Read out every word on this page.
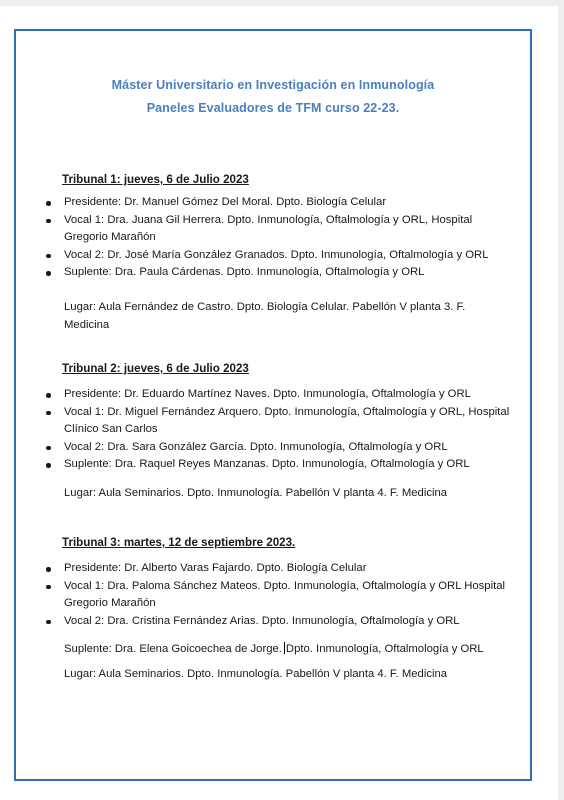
Máster Universitario en Investigación en Inmunología

Paneles Evaluadores de TFM curso 22-23.

Tribunal 1: jueves, 6 de Julio 2023
Presidente: Dr. Manuel Gómez Del Moral. Dpto. Biología Celular
Vocal 1: Dra. Juana Gil Herrera. Dpto. Inmunología, Oftalmología y ORL, Hospital Gregorio Marañón
Vocal 2: Dr. José María González Granados. Dpto. Inmunología, Oftalmología y ORL
Suplente: Dra. Paula Cárdenas. Dpto. Inmunología, Oftalmología y ORL
Lugar: Aula Fernández de Castro. Dpto. Biología Celular. Pabellón V planta 3. F. Medicina
Tribunal 2: jueves, 6 de Julio 2023
Presidente: Dr. Eduardo Martínez Naves. Dpto. Inmunología, Oftalmología y ORL
Vocal 1: Dr. Miguel Fernández Arquero. Dpto. Inmunología, Oftalmología y ORL, Hospital Clínico San Carlos
Vocal 2: Dra. Sara González García. Dpto. Inmunología, Oftalmología y ORL
Suplente: Dra. Raquel Reyes Manzanas. Dpto. Inmunología, Oftalmología y ORL
Lugar: Aula Seminarios. Dpto. Inmunología. Pabellón V planta 4. F. Medicina
Tribunal 3: martes, 12 de septiembre 2023.
Presidente: Dr. Alberto Varas Fajardo. Dpto. Biología Celular
Vocal 1: Dra. Paloma Sánchez Mateos. Dpto. Inmunología, Oftalmología y ORL Hospital Gregorio Marañón
Vocal 2: Dra. Cristina Fernández Arias. Dpto. Inmunología, Oftalmología y ORL
Suplente: Dra. Elena Goicoechea de Jorge. Dpto. Inmunología, Oftalmología y ORL
Lugar: Aula Seminarios. Dpto. Inmunología. Pabellón V planta 4. F. Medicina
